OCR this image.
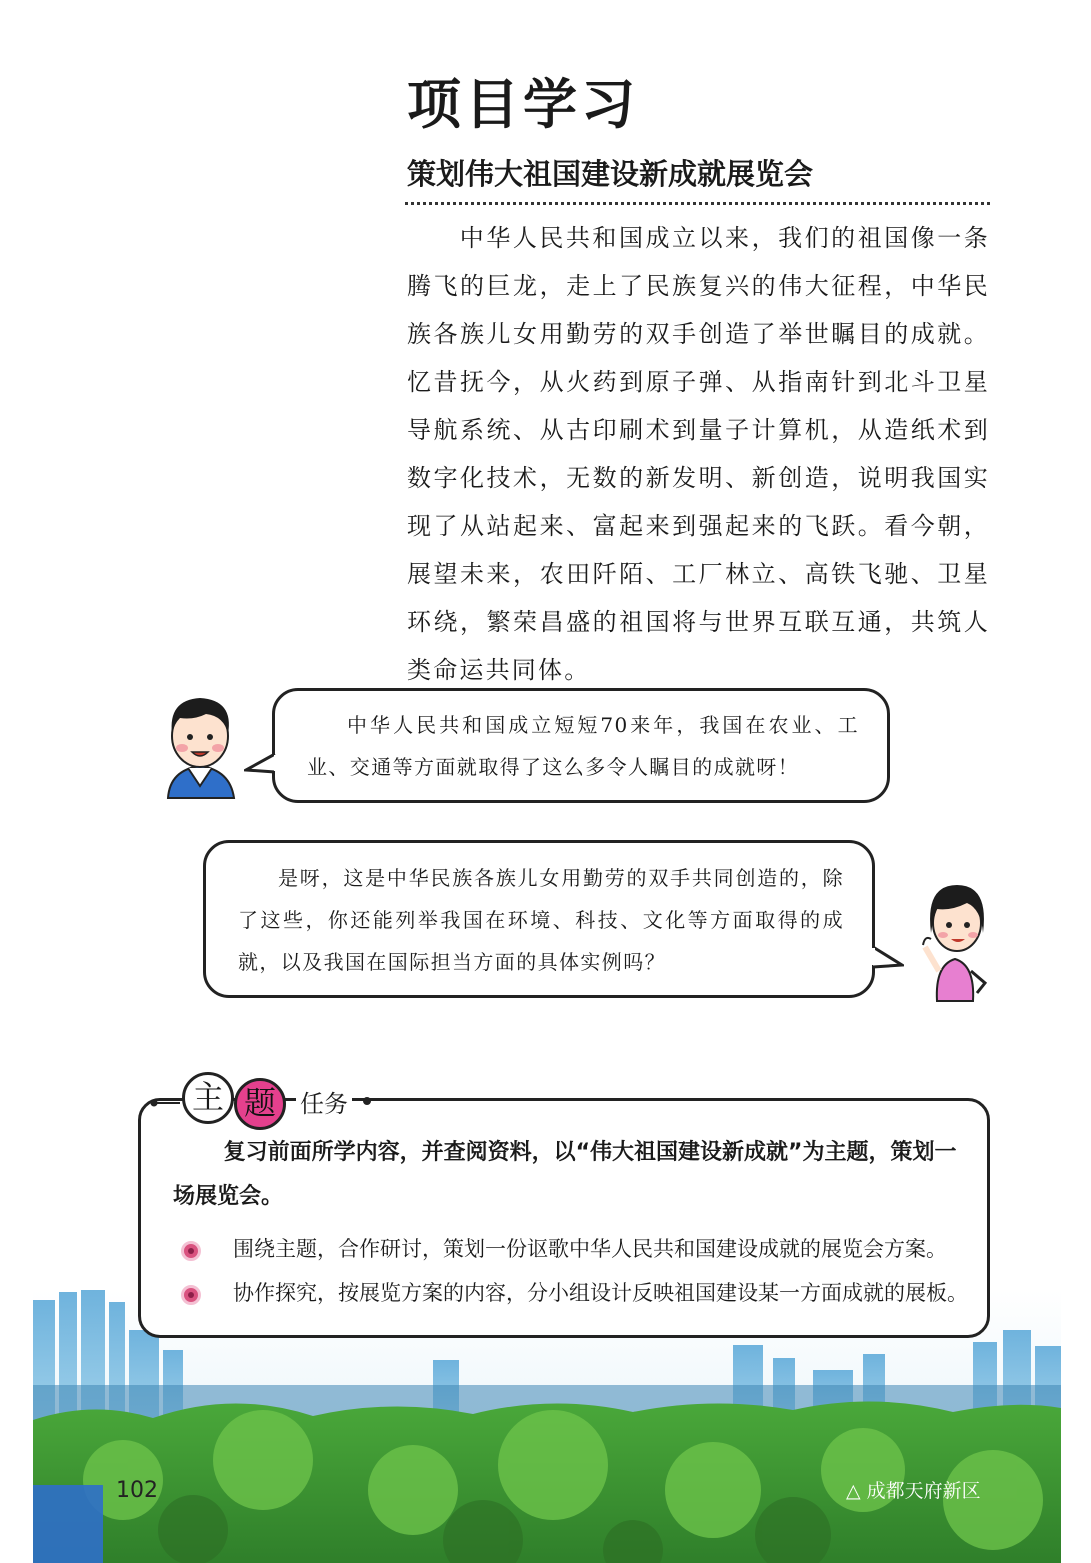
项目学习
策划伟大祖国建设新成就展览会

中华人民共和国成立以来，我们的祖国像一条腾飞的巨龙，走上了民族复兴的伟大征程，中华民族各族儿女用勤劳的双手创造了举世瞩目的成就。忆昔抚今，从火药到原子弹、从指南针到北斗卫星导航系统、从古印刷术到量子计算机，从造纸术到数字化技术，无数的新发明、新创造，说明我国实现了从站起来、富起来到强起来的飞跃。看今朝，展望未来，农田阡陌、工厂林立、高铁飞驰、卫星环绕，繁荣昌盛的祖国将与世界互联互通，共筑人类命运共同体。

中华人民共和国成立短短70来年，我国在农业、工业、交通等方面就取得了这么多令人瞩目的成就呀！
是呀，这是中华民族各族儿女用勤劳的双手共同创造的，除了这些，你还能列举我国在环境、科技、文化等方面取得的成就，以及我国在国际担当方面的具体实例吗？
主 题	任务

复习前面所学内容，并查阅资料，以“伟大祖国建设新成就”为主题，策划一场展览会。

围绕主题，合作研讨，策划一份讴歌中华人民共和国建设成就的展览会方案。
协作探究，按展览方案的内容，分小组设计反映祖国建设某一方面成就的展板。
102	△ 成都天府新区
